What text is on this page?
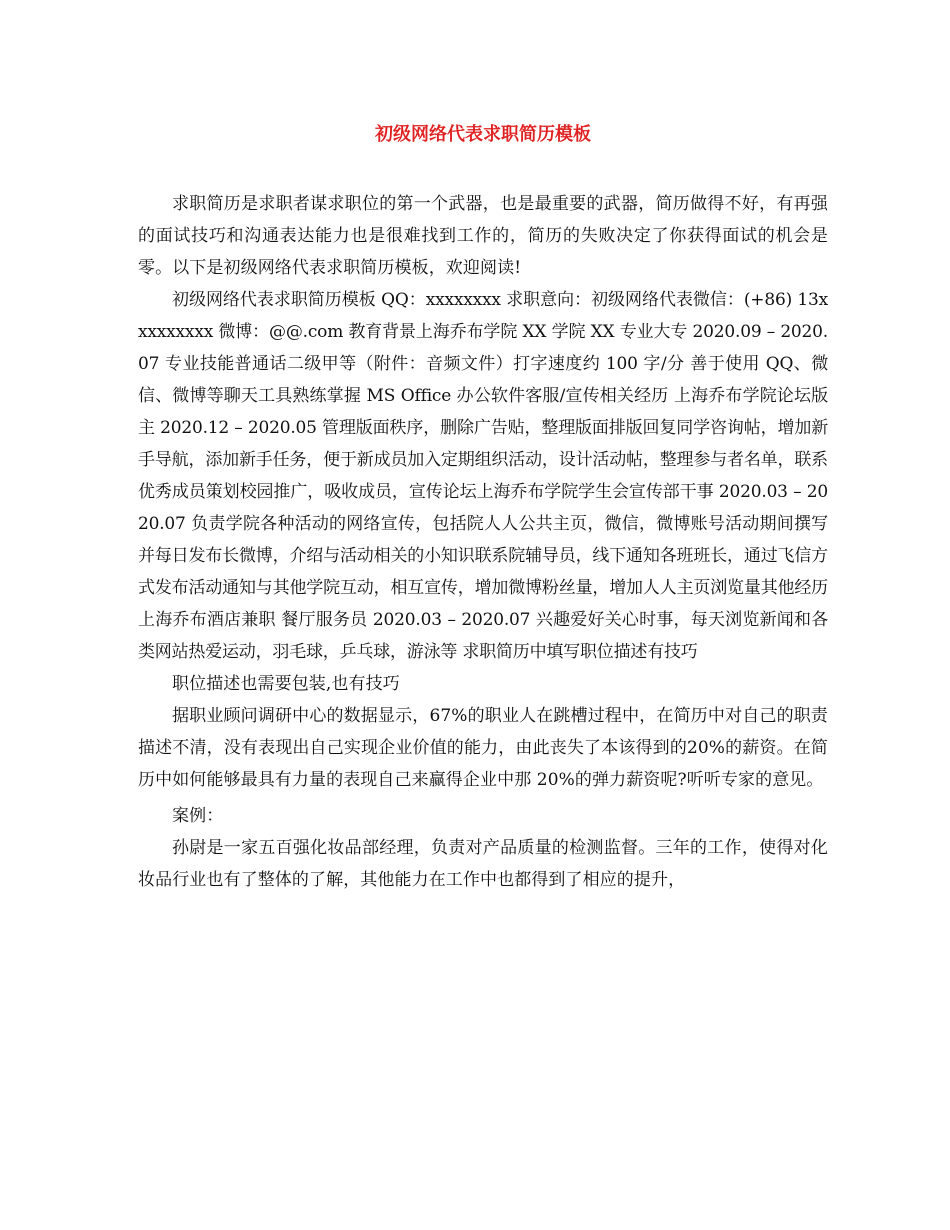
初级网络代表求职简历模板

求职简历是求职者谋求职位的第一个武器，也是最重要的武器，简历做得不好，有再强的面试技巧和沟通表达能力也是很难找到工作的，简历的失败决定了你获得面试的机会是零。以下是初级网络代表求职简历模板，欢迎阅读!

初级网络代表求职简历模板 QQ：xxxxxxxx 求职意向：初级网络代表微信：(+86) 13xxxxxxxxx 微博：@@.com 教育背景上海乔布学院 XX 学院 XX 专业大专 2020.09 – 2020.07 专业技能普通话二级甲等（附件：音频文件）打字速度约 100 字/分 善于使用 QQ、微信、微博等聊天工具熟练掌握 MS Office 办公软件客服/宣传相关经历 上海乔布学院论坛版主 2020.12 – 2020.05 管理版面秩序，删除广告贴，整理版面排版回复同学咨询帖，增加新手导航，添加新手任务，便于新成员加入定期组织活动，设计活动帖，整理参与者名单，联系优秀成员策划校园推广，吸收成员，宣传论坛上海乔布学院学生会宣传部干事 2020.03 – 2020.07 负责学院各种活动的网络宣传，包括院人人公共主页，微信，微博账号活动期间撰写并每日发布长微博，介绍与活动相关的小知识联系院辅导员，线下通知各班班长，通过飞信方式发布活动通知与其他学院互动，相互宣传，增加微博粉丝量，增加人人主页浏览量其他经历上海乔布酒店兼职 餐厅服务员 2020.03 – 2020.07 兴趣爱好关心时事，每天浏览新闻和各类网站热爱运动，羽毛球，乒乓球，游泳等 求职简历中填写职位描述有技巧

职位描述也需要包装,也有技巧

据职业顾问调研中心的数据显示，67%的职业人在跳槽过程中，在简历中对自己的职责描述不清，没有表现出自己实现企业价值的能力，由此丧失了本该得到的20%的薪资。在简历中如何能够最具有力量的表现自己来赢得企业中那 20%的弹力薪资呢?听听专家的意见。

案例：

孙尉是一家五百强化妆品部经理，负责对产品质量的检测监督。三年的工作，使得对化妆品行业也有了整体的了解，其他能力在工作中也都得到了相应的提升，
